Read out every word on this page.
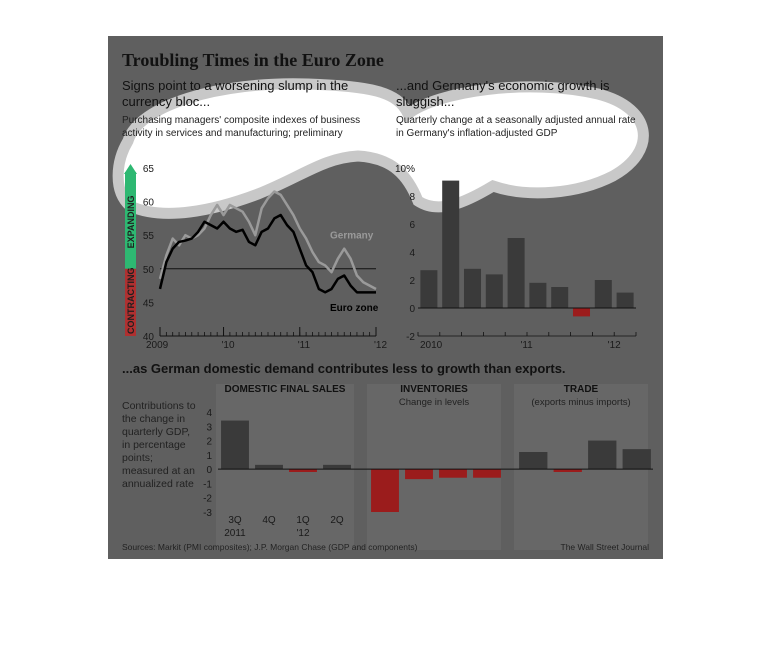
Troubling Times in the Euro Zone

Signs point to a worsening slump in the currency bloc...

Purchasing managers' composite indexes of business activity in services and manufacturing; preliminary

...and Germany's economic growth is sluggish...

Quarterly change at a seasonally adjusted annual rate in Germany's inflation-adjusted GDP

EXPANDING
CONTRACTING
40
45
50
55
60
65
2009	'10	'11	'12
Germany
Euro zone
-2
0
2
4
6
8
10%
2010	'11	'12
...as German domestic demand contributes less to growth than exports.
DOMESTIC FINAL SALES	INVENTORIES
Change in levels
TRADE
(exports minus imports)

Contributions to the change in quarterly GDP, in percentage points; measured at an annualized rate

4
3
2
1
0
-1
-2
-3
3Q
2011
4Q 1Q
'12
2Q
Sources: Markit (PMI composites); J.P. Morgan Chase (GDP and components)	The Wall Street Journal
